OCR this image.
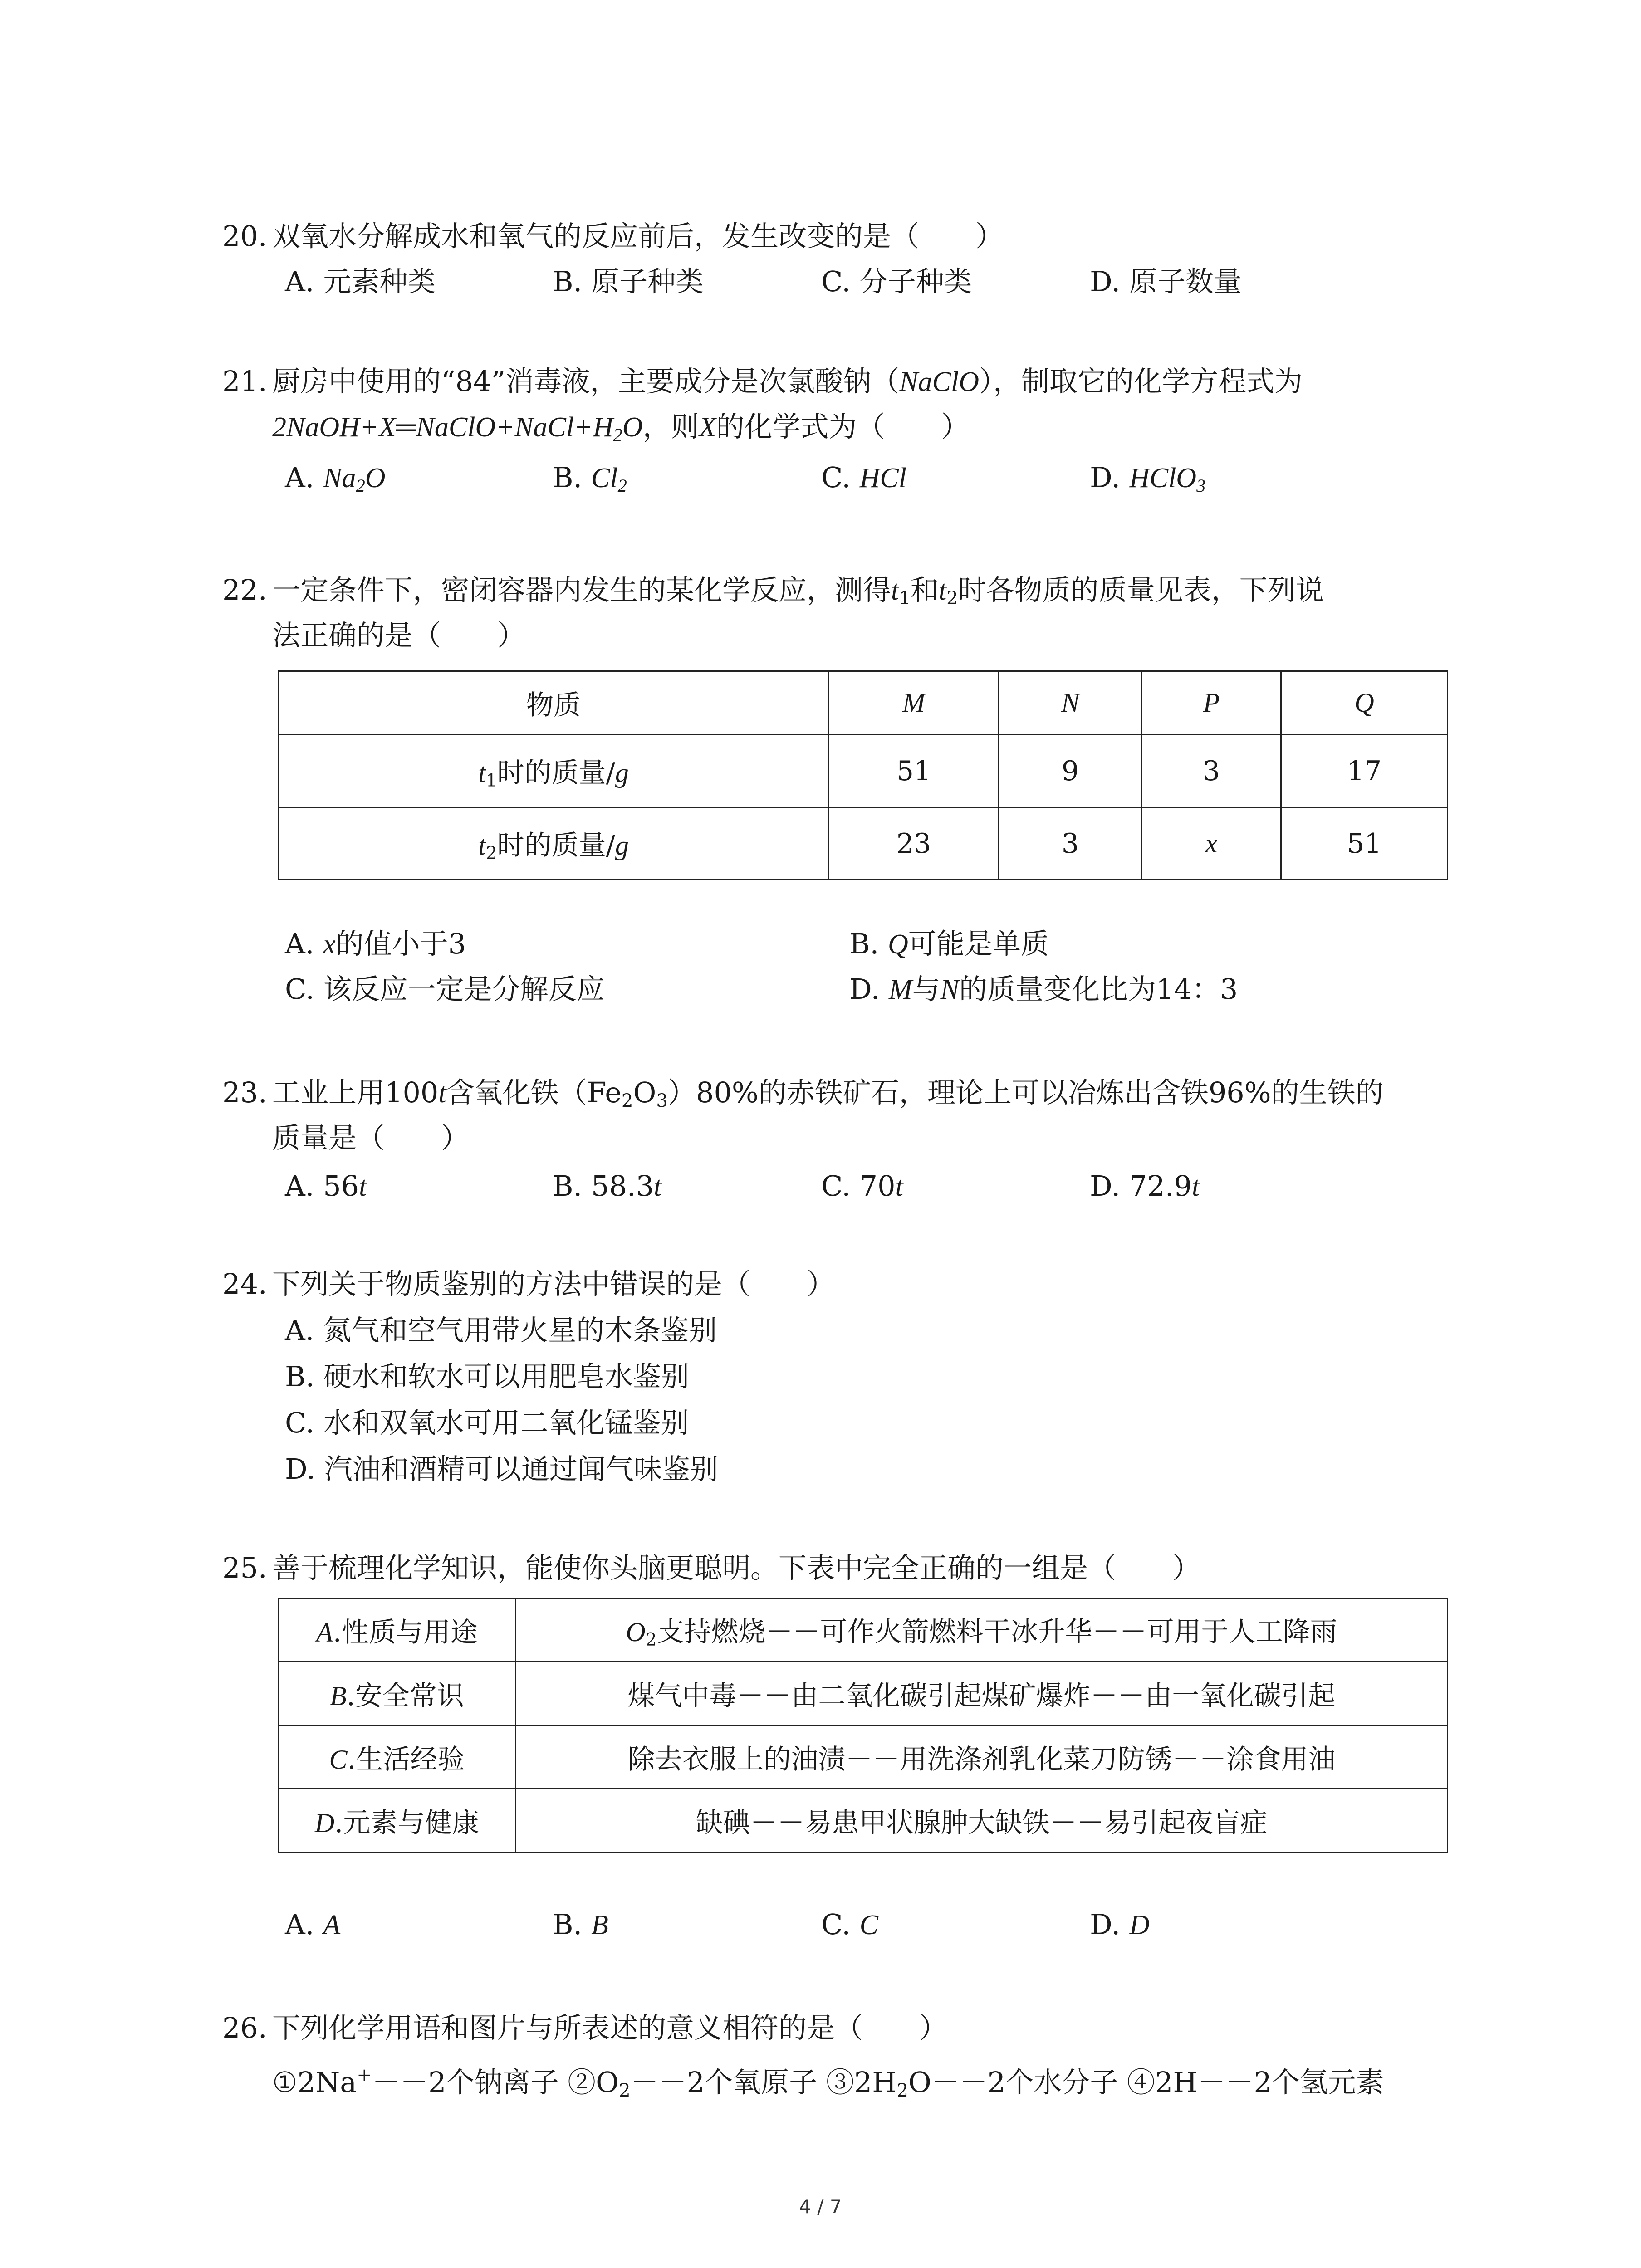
20. 双氧水分解成水和氧气的反应前后，发生改变的是（　　）
A. 元素种类	B. 原子种类	C. 分子种类	D. 原子数量
21. 厨房中使用的“84”消毒液，主要成分是次氯酸钠（NaClO），制取它的化学方程式为
$2NaOH+X═NaClO+NaCl+H_2O$，则X的化学式为（　　）
A. $Na_2O$	B. $Cl_2$	C. HCl	D. HClO$_3$
22. 一定条件下，密闭容器内发生的某化学反应，测得$t_1$和$t_2$时各物质的质量见表，下列说
法正确的是（　　）
物质	M	N	P	Q
$t_1$时的质量/g	51	9	3	17
$t_2$时的质量/g	23	3	x	51
A. x的值小于3	B. Q可能是单质
C. 该反应一定是分解反应	D. M与N的质量变化比为14：3
23. 工业上用100t含氧化铁$(Fe_2O_3)80\%$的赤铁矿石，理论上可以冶炼出含铁96%的生铁的
质量是（　　）
A. 56t	B. 58.3t	C. 70t	D. 72.9t
24. 下列关于物质鉴别的方法中错误的是（　　）
A. 氮气和空气用带火星的木条鉴别
B. 硬水和软水可以用肥皂水鉴别
C. 水和双氧水可用二氧化锰鉴别
D. 汽油和酒精可以通过闻气味鉴别
25. 善于梳理化学知识，能使你头脑更聪明。下表中完全正确的一组是（　　）
A.性质与用途	$O_2$支持燃烧－－可作火箭燃料干冰升华－－可用于人工降雨
B.安全常识	煤气中毒－－由二氧化碳引起煤矿爆炸－－由一氧化碳引起
C.生活经验	除去衣服上的油渍－－用洗涤剂乳化菜刀防锈－－涂食用油
D.元素与健康	缺碘－－易患甲状腺肿大缺铁－－易引起夜盲症
A. A	B. B	C. C	D. D
26. 下列化学用语和图片与所表述的意义相符的是（　　）
①2Na+－－2个钠离子 $②O_2--2$个氧原子 $③2H_2O--2$个水分子 ④2H－－2个氢元素
4 / 7
